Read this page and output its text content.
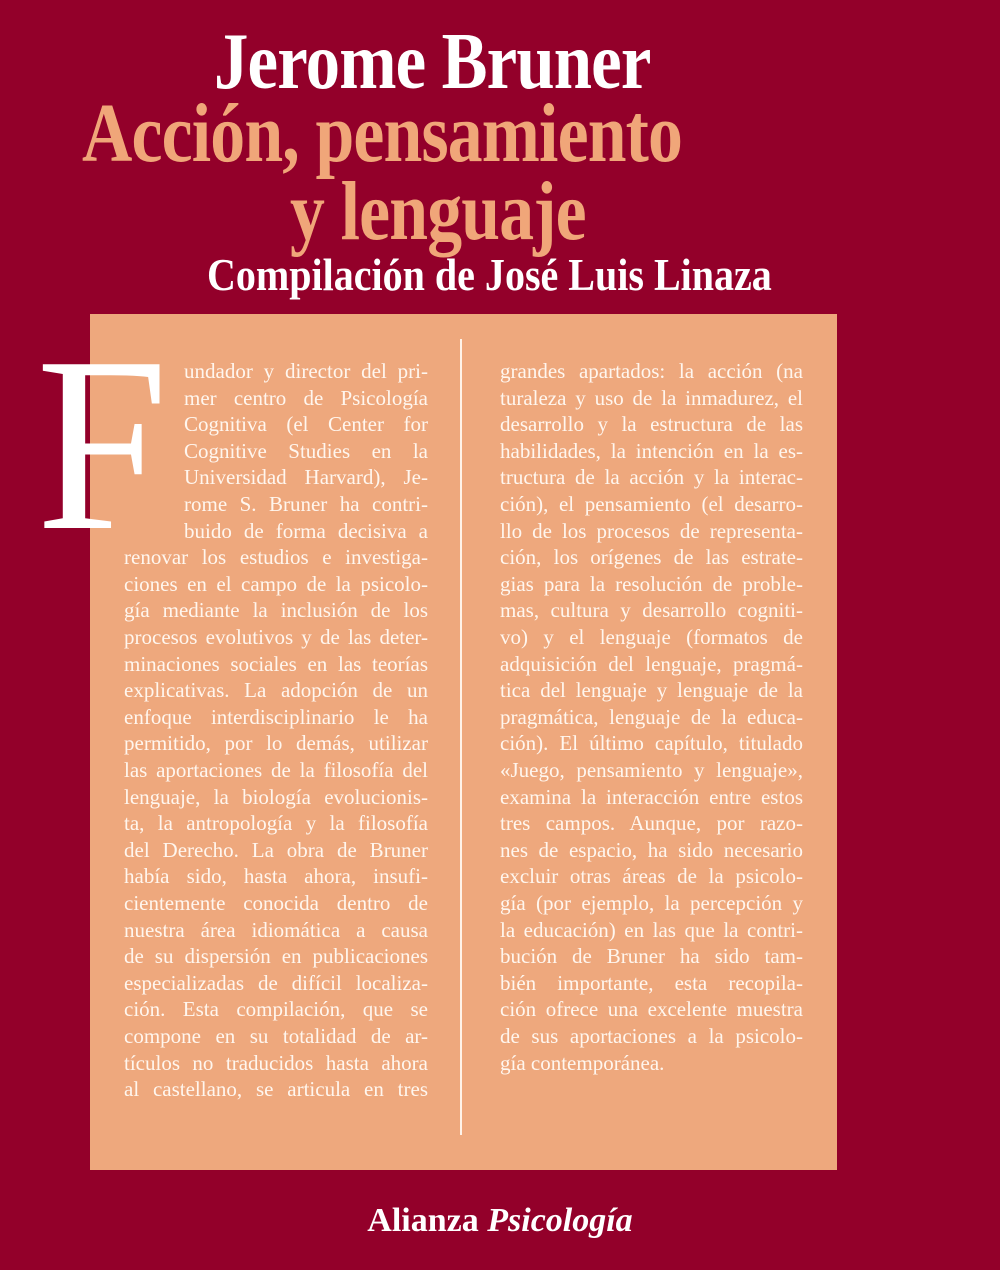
Jerome Bruner
Acción, pensamiento
y lenguaje
Compilación de José Luis Linaza
undador y director del pri-
mer centro de Psicología
Cognitiva (el Center for
Cognitive Studies en la
Universidad Harvard), Je-
rome S. Bruner ha contri-
buido de forma decisiva a
renovar los estudios e investiga-
ciones en el campo de la psicolo-
gía mediante la inclusión de los
procesos evolutivos y de las deter-
minaciones sociales en las teorías
explicativas. La adopción de un
enfoque interdisciplinario le ha
permitido, por lo demás, utilizar
las aportaciones de la filosofía del
lenguaje, la biología evolucionis-
ta, la antropología y la filosofía
del Derecho. La obra de Bruner
había sido, hasta ahora, insufi-
cientemente conocida dentro de
nuestra área idiomática a causa
de su dispersión en publicaciones
especializadas de difícil localiza-
ción. Esta compilación, que se
compone en su totalidad de ar-
tículos no traducidos hasta ahora
al castellano, se articula en tres
grandes apartados: la acción (na
turaleza y uso de la inmadurez, el
desarrollo y la estructura de las
habilidades, la intención en la es-
tructura de la acción y la interac-
ción), el pensamiento (el desarro-
llo de los procesos de representa-
ción, los orígenes de las estrate-
gias para la resolución de proble-
mas, cultura y desarrollo cogniti-
vo) y el lenguaje (formatos de
adquisición del lenguaje, pragmá-
tica del lenguaje y lenguaje de la
pragmática, lenguaje de la educa-
ción). El último capítulo, titulado
«Juego, pensamiento y lenguaje»,
examina la interacción entre estos
tres campos. Aunque, por razo-
nes de espacio, ha sido necesario
excluir otras áreas de la psicolo-
gía (por ejemplo, la percepción y
la educación) en las que la contri-
bución de Bruner ha sido tam-
bién importante, esta recopila-
ción ofrece una excelente muestra
de sus aportaciones a la psicolo-
gía contemporánea.
F

Alianza Psicología
